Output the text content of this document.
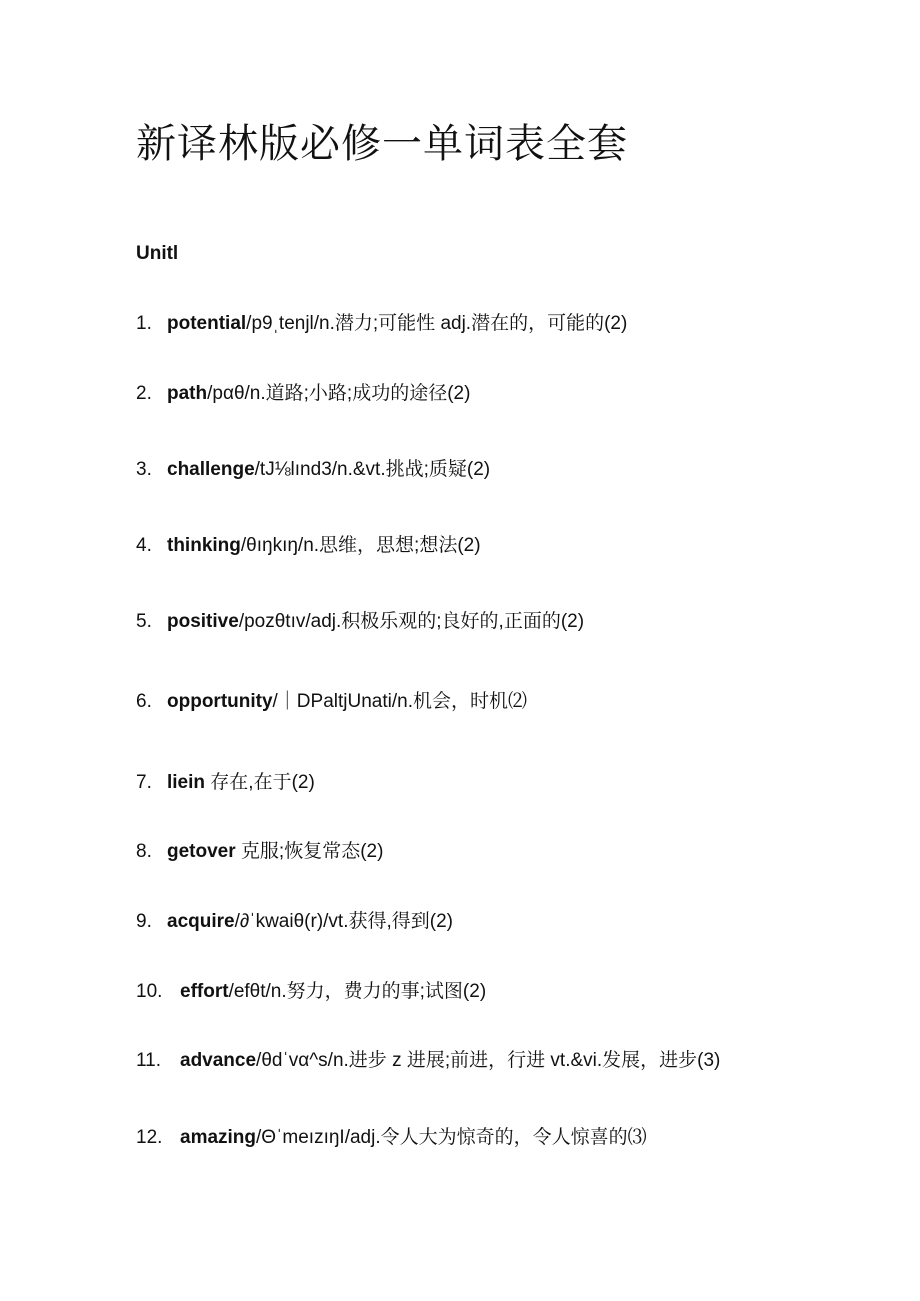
新译林版必修一单词表全套
Unitl
1. potential/p9ˌtenjl/n.潜力;可能性 adj.潜在的，可能的(2)
2. path/pαθ/n.道路;小路;成功的途径(2)
3. challenge/tJ⅛lınd3/n.&vt.挑战;质疑(2)
4. thinking/θıŋkıŋ/n.思维，思想;想法(2)
5. positive/pozθtıv/adj.积极乐观的;良好的,正面的(2)
6. opportunity/｜DPaltjUnati/n.机会，时机⑵
7. liein 存在,在于(2)
8. getover 克服;恢复常态(2)
9. acquire/∂ˈkwaiθ(r)/vt.获得,得到(2)
10. effort/efθt/n.努力，费力的事;试图(2)
11. advance/θdˈvα^s/n.进步 z 进展;前进，行进 vt.&vi.发展，进步(3)
12. amazing/ΘˈmeızıŋI/adj.令人大为惊奇的，令人惊喜的⑶
